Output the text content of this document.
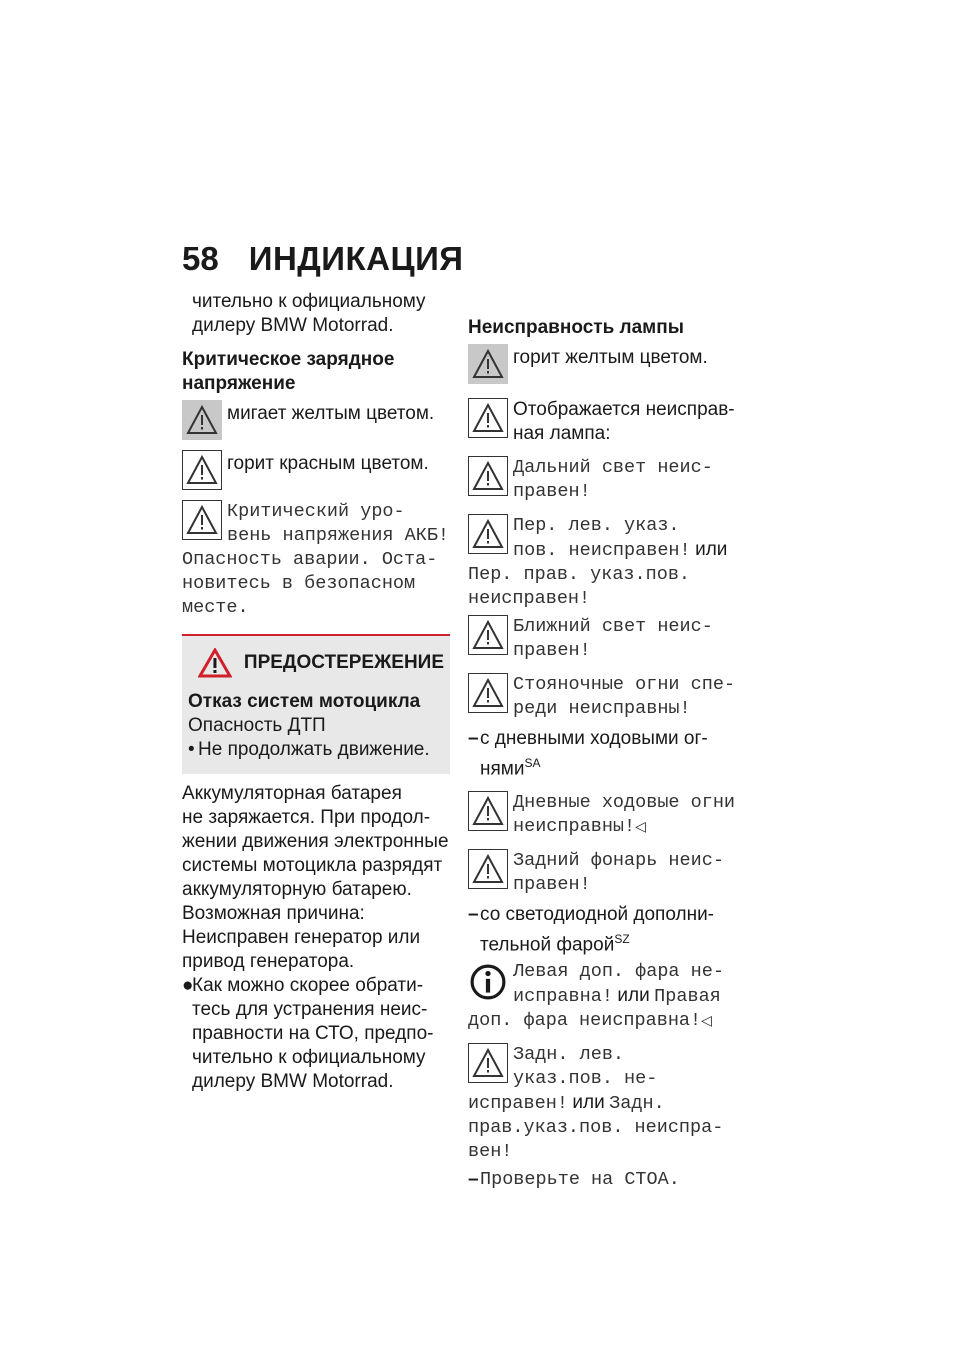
58 ИНДИКАЦИЯ
чительно к официальному
дилеру BMW Motorrad.
Критическое зарядное
напряжение
мигает желтым цветом.
горит красным цветом.
Критический уро-
вень напряжения АКБ!
Опасность аварии. Оста-
новитесь в безопасном
месте.
ПРЕДОСТЕРЕЖЕНИЕ
Отказ систем мотоцикла
Опасность ДТП
• Не продолжать движение.
Аккумуляторная батарея
не заряжается. При продол-
жении движения электронные
системы мотоцикла разрядят
аккумуляторную батарею.
Возможная причина:
Неисправен генератор или
привод генератора.
●
Как можно скорее обрати-
тесь для устранения неис-
правности на СТО, предпо-
чительно к официальному
дилеру BMW Motorrad.
Неисправность лампы
горит желтым цветом.
Отображается неисправ-
ная лампа:
Дальний свет неис-
правен!
Пер. лев. указ.
пов. неисправен! или
Пер. прав. указ.пов.
неисправен!
Ближний свет неис-
правен!
Стояночные огни спе-
реди неисправны!
– с дневными ходовыми ог-
нями$^{SA}$
Дневные ходовые огни
неисправны!◁
Задний фонарь неис-
правен!
– со светодиодной дополни-
тельной фарой$^{SZ}$
Левая доп. фара не-
исправна! или Правая
доп. фара неисправна!◁
Задн. лев.
указ.пов. не-
исправен! или Задн.
прав.указ.пов. неиспра-
вен!
– Проверьте на СТОА.
